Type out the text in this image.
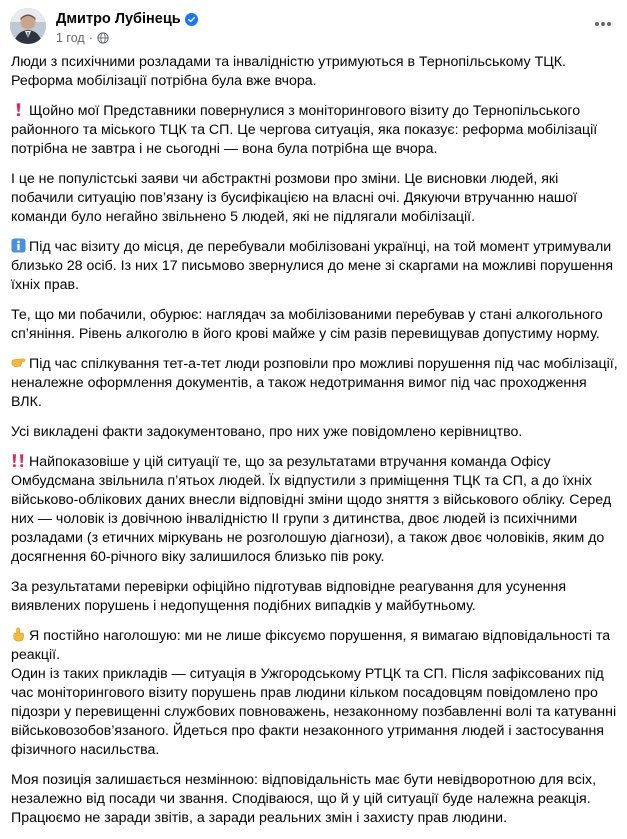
Дмитро Лубінець
1 год ·

Люди з психічними розладами та інвалідністю утримуються в Тернопільському ТЦК. Реформа мобілізації потрібна була вже вчора.

Щойно мої Представники повернулися з моніторингового візиту до Тернопільського районного та міського ТЦК та СП. Це чергова ситуація, яка показує: реформа мобілізації потрібна не завтра і не сьогодні — вона була потрібна ще вчора.

І це не популістські заяви чи абстрактні розмови про зміни. Це висновки людей, які побачили ситуацію пов’язану із бусифікацією на власні очі. Дякуючи втручанню нашої команди було негайно звільнено 5 людей, які не підлягали мобілізації.

Під час візиту до місця, де перебували мобілізовані українці, на той момент утримували близько 28 осіб. Із них 17 письмово звернулися до мене зі скаргами на можливі порушення їхніх прав.

Те, що ми побачили, обурює: наглядач за мобілізованими перебував у стані алкогольного сп’яніння. Рівень алкоголю в його крові майже у сім разів перевищував допустиму норму.

Під час спілкування тет-а-тет люди розповіли про можливі порушення під час мобілізації, неналежне оформлення документів, а також недотримання вимог під час проходження ВЛК.

Усі викладені факти задокументовано, про них уже повідомлено керівництво.

Найпоказовіше у цій ситуації те, що за результатами втручання команда Офісу Омбудсмана звільнила п’ятьох людей. Їх відпустили з приміщення ТЦК та СП, а до їхніх військово-облікових даних внесли відповідні зміни щодо зняття з військового обліку. Серед них — чоловік із довічною інвалідністю ІІ групи з дитинства, двоє людей із психічними розладами (з етичних міркувань не розголошую діагнози), а також двоє чоловіків, яким до досягнення 60-річного віку залишилося близько пів року.

За результатами перевірки офіційно підготував відповідне реагування для усунення виявлених порушень і недопущення подібних випадків у майбутньому.

Я постійно наголошую: ми не лише фіксуємо порушення, я вимагаю відповідальності та реакції.

Один із таких прикладів — ситуація в Ужгородському РТЦК та СП. Після зафіксованих під час моніторингового візиту порушень прав людини кільком посадовцям повідомлено про підозри у перевищенні службових повноважень, незаконному позбавленні волі та катуванні військовозобов’язаного. Йдеться про факти незаконного утримання людей і застосування фізичного насильства.

Моя позиція залишається незмінною: відповідальність має бути невідворотною для всіх, незалежно від посади чи звання. Сподіваюся, що й у цій ситуації буде належна реакція. Працюємо не заради звітів, а заради реальних змін і захисту прав людини.
